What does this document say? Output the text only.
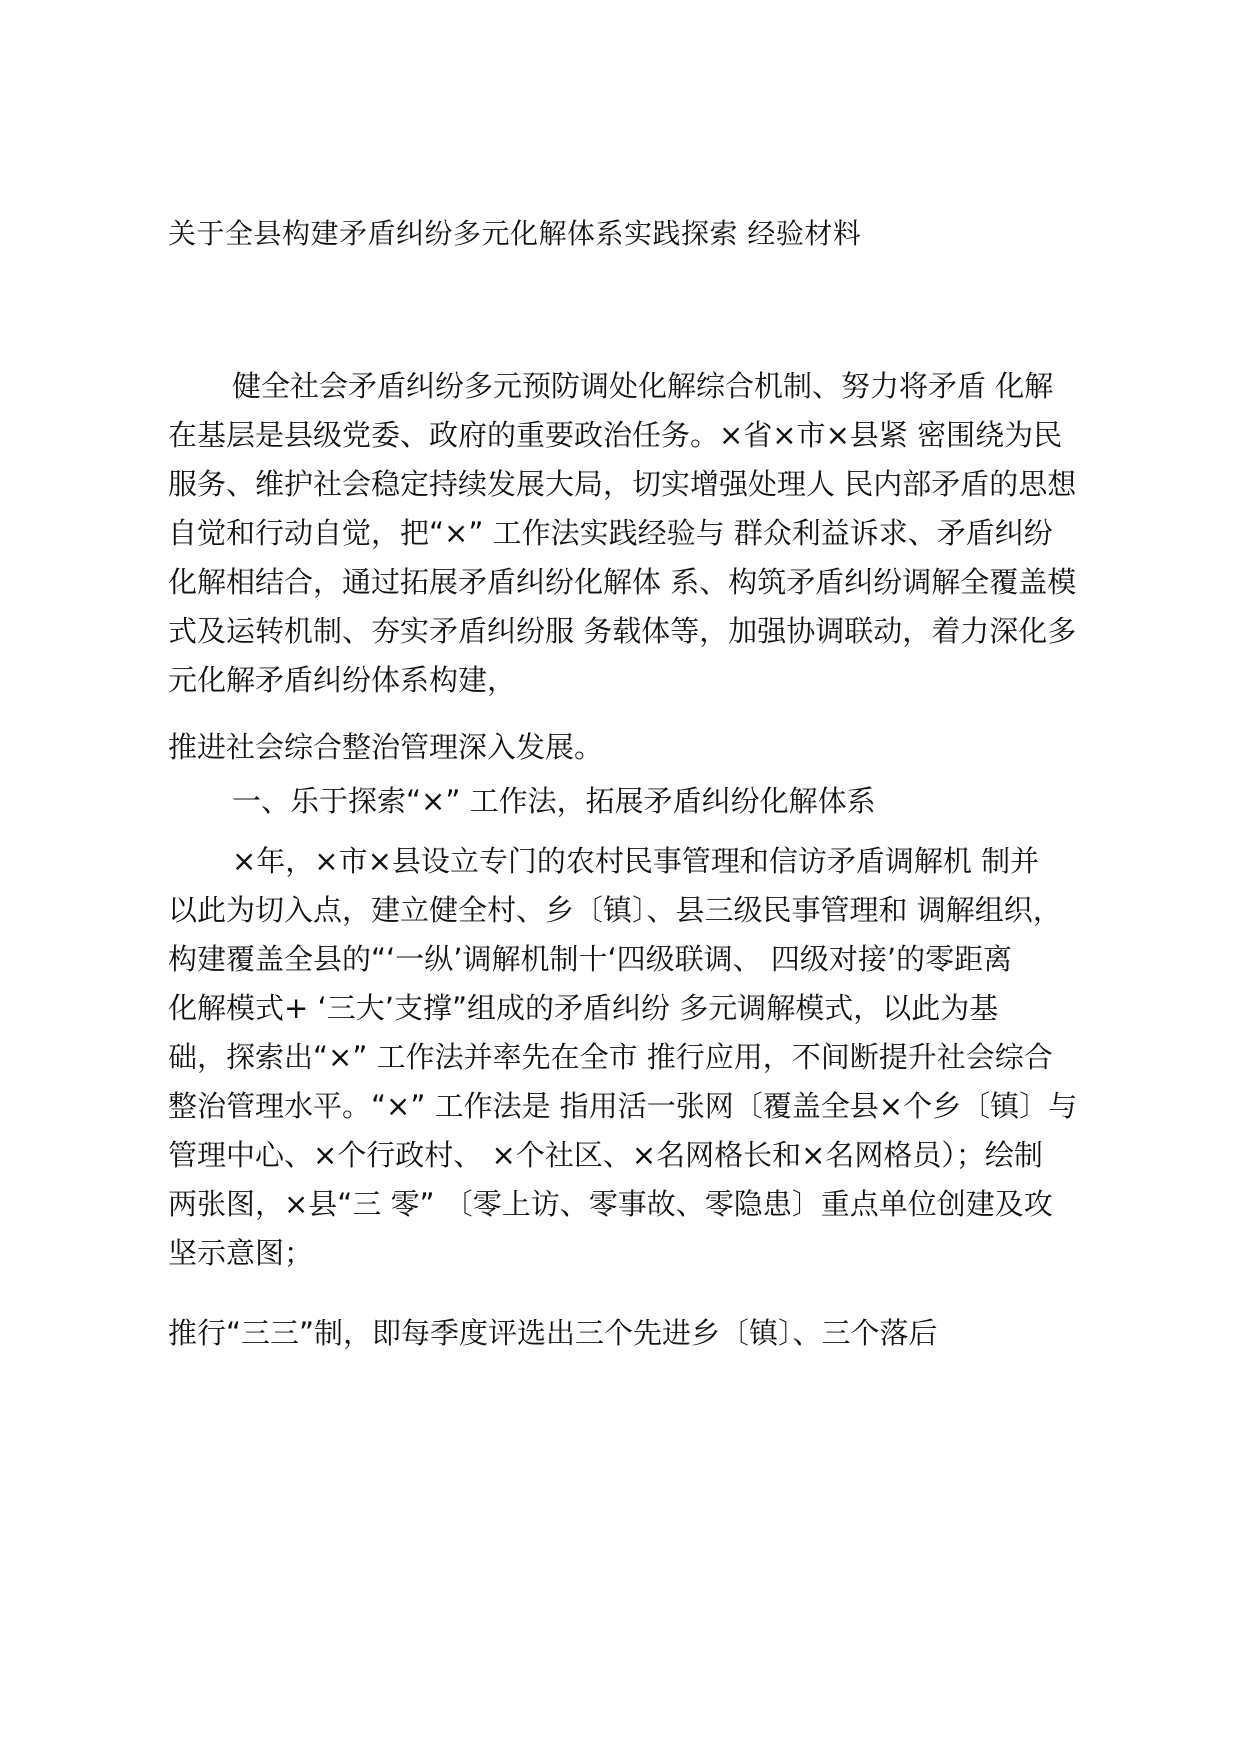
关于全县构建矛盾纠纷多元化解体系实践探索 经验材料

健全社会矛盾纠纷多元预防调处化解综合机制、努力将矛盾 化解
在基层是县级党委、政府的重要政治任务。×省×市×县紧 密围绕为民
服务、维护社会稳定持续发展大局，切实增强处理人 民内部矛盾的思想
自觉和行动自觉，把“×” 工作法实践经验与 群众利益诉求、矛盾纠纷
化解相结合，通过拓展矛盾纠纷化解体 系、构筑矛盾纠纷调解全覆盖模
式及运转机制、夯实矛盾纠纷服 务载体等，加强协调联动，着力深化多
元化解矛盾纠纷体系构建，

推进社会综合整治管理深入发展。

一、乐于探索“×” 工作法，拓展矛盾纠纷化解体系

×年，×市×县设立专门的农村民事管理和信访矛盾调解机 制并
以此为切入点，建立健全村、乡〔镇〕、县三级民事管理和 调解组织，
构建覆盖全县的“‘一纵’调解机制十‘四级联调、 四级对接’的零距离
化解模式+ ‘三大’支撑”组成的矛盾纠纷 多元调解模式，以此为基
础，探索出“×” 工作法并率先在全市 推行应用，不间断提升社会综合
整治管理水平。“×” 工作法是 指用活一张网〔覆盖全县×个乡〔镇〕与
管理中心、×个行政村、 ×个社区、×名网格长和×名网格员）；绘制
两张图，×县“三 零” 〔零上访、零事故、零隐患〕重点单位创建及攻
坚示意图；

推行“三三”制，即每季度评选出三个先进乡〔镇〕、三个落后
